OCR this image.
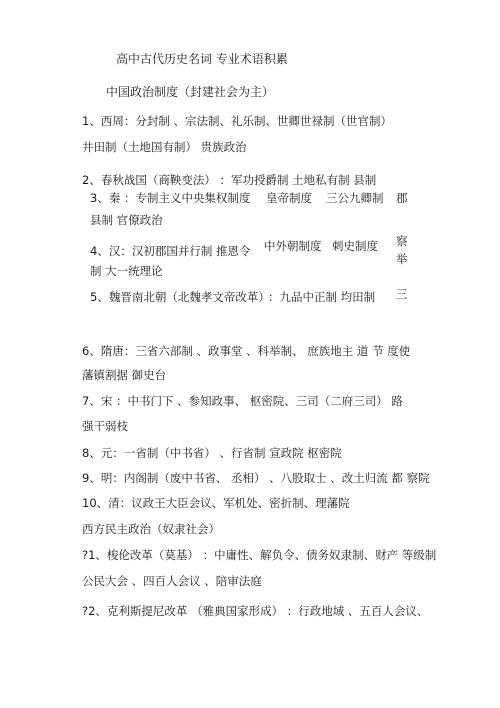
高中古代历史名词 专业术语积累
中国政治制度（封建社会为主）
1、西周：分封制 、宗法制、礼乐制、世卿世禄制（世官制）
井田制（土地国有制） 贵族政治
2、春秋战国（商鞅变法） ：军功授爵制 土地私有制 县制
3、秦 ：专制主义中央集权制度 皇帝制度 三公九卿制 郡
县制 官僚政治
中外朝制度 刺史制度
4、汉：汉初郡国并行制 推恩令
察
举
制 大一统理论
5、魏晋南北朝（北魏孝文帝改革）
：九品中正制 均田制 三
6、隋唐：三省六部制 、政事堂 、科举制、 庶族地主 道 节 度使
藩镇割据 御史台
7、宋 ：中书门下 、参知政事、 枢密院、三司（二府三司） 路
强干弱枝
8、元：一省制（中书省） 、行省制 宣政院 枢密院
9、明：内阁制（废中书省、 丞相） 、八股取士 、改土归流 都 察院
10、清：议政王大臣会议、军机处、密折制、理藩院
西方民主政治（奴隶社会）
?1、梭伦改革（莫基） ：中庸性、解负令、债务奴隶制、财产 等级制
公民大会 、四百人会议 、陪审法庭
?2、克利斯提尼改革 （雅典国家形成） ：行政地域 、五百人会议、
